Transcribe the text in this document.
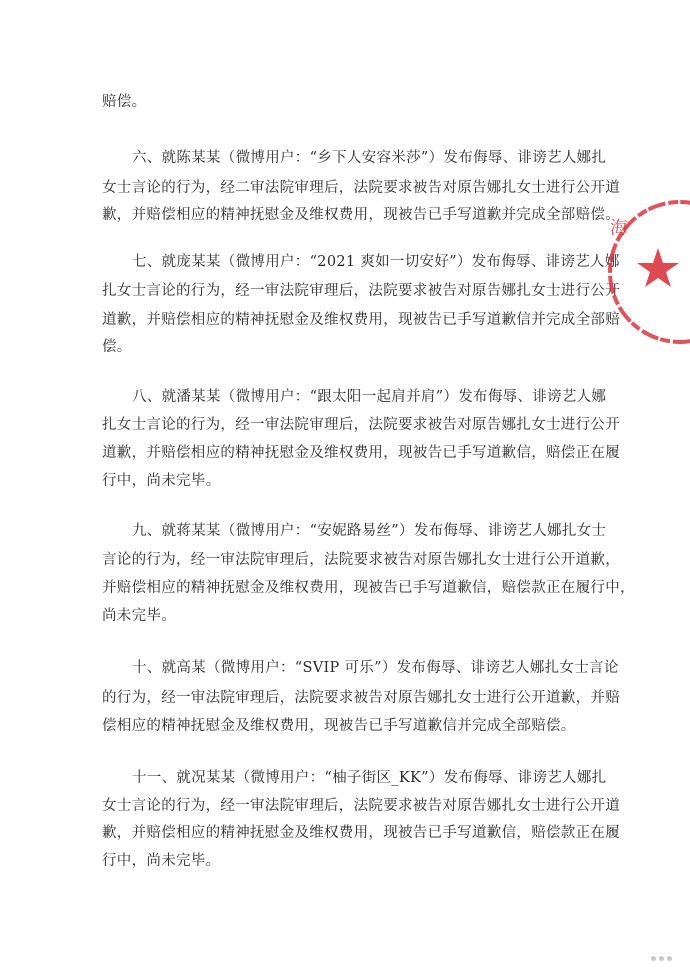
赔偿。
六、就陈某某（微博用户：“乡下人安容米莎”）发布侮辱、诽谤艺人娜扎
女士言论的行为，经二审法院审理后，法院要求被告对原告娜扎女士进行公开道
歉，并赔偿相应的精神抚慰金及维权费用，现被告已手写道歉并完成全部赔偿。
七、就庞某某（微博用户：“2021 爽如一切安好”）发布侮辱、诽谤艺人娜
扎女士言论的行为，经一审法院审理后，法院要求被告对原告娜扎女士进行公开
道歉，并赔偿相应的精神抚慰金及维权费用，现被告已手写道歉信并完成全部赔
偿。
八、就潘某某（微博用户：“跟太阳一起肩并肩”）发布侮辱、诽谤艺人娜
扎女士言论的行为，经一审法院审理后，法院要求被告对原告娜扎女士进行公开
道歉，并赔偿相应的精神抚慰金及维权费用，现被告已手写道歉信，赔偿正在履
行中，尚未完毕。
九、就蒋某某（微博用户：“安妮路易丝”）发布侮辱、诽谤艺人娜扎女士
言论的行为，经一审法院审理后，法院要求被告对原告娜扎女士进行公开道歉，
并赔偿相应的精神抚慰金及维权费用，现被告已手写道歉信，赔偿款正在履行中，
尚未完毕。
十、就高某（微博用户：“SVIP 可乐”）发布侮辱、诽谤艺人娜扎女士言论
的行为，经一审法院审理后，法院要求被告对原告娜扎女士进行公开道歉，并赔
偿相应的精神抚慰金及维权费用，现被告已手写道歉信并完成全部赔偿。
十一、就况某某（微博用户：“柚子街区_KK”）发布侮辱、诽谤艺人娜扎
女士言论的行为，经一审法院审理后，法院要求被告对原告娜扎女士进行公开道
歉，并赔偿相应的精神抚慰金及维权费用，现被告已手写道歉信，赔偿款正在履
行中，尚未完毕。
海
